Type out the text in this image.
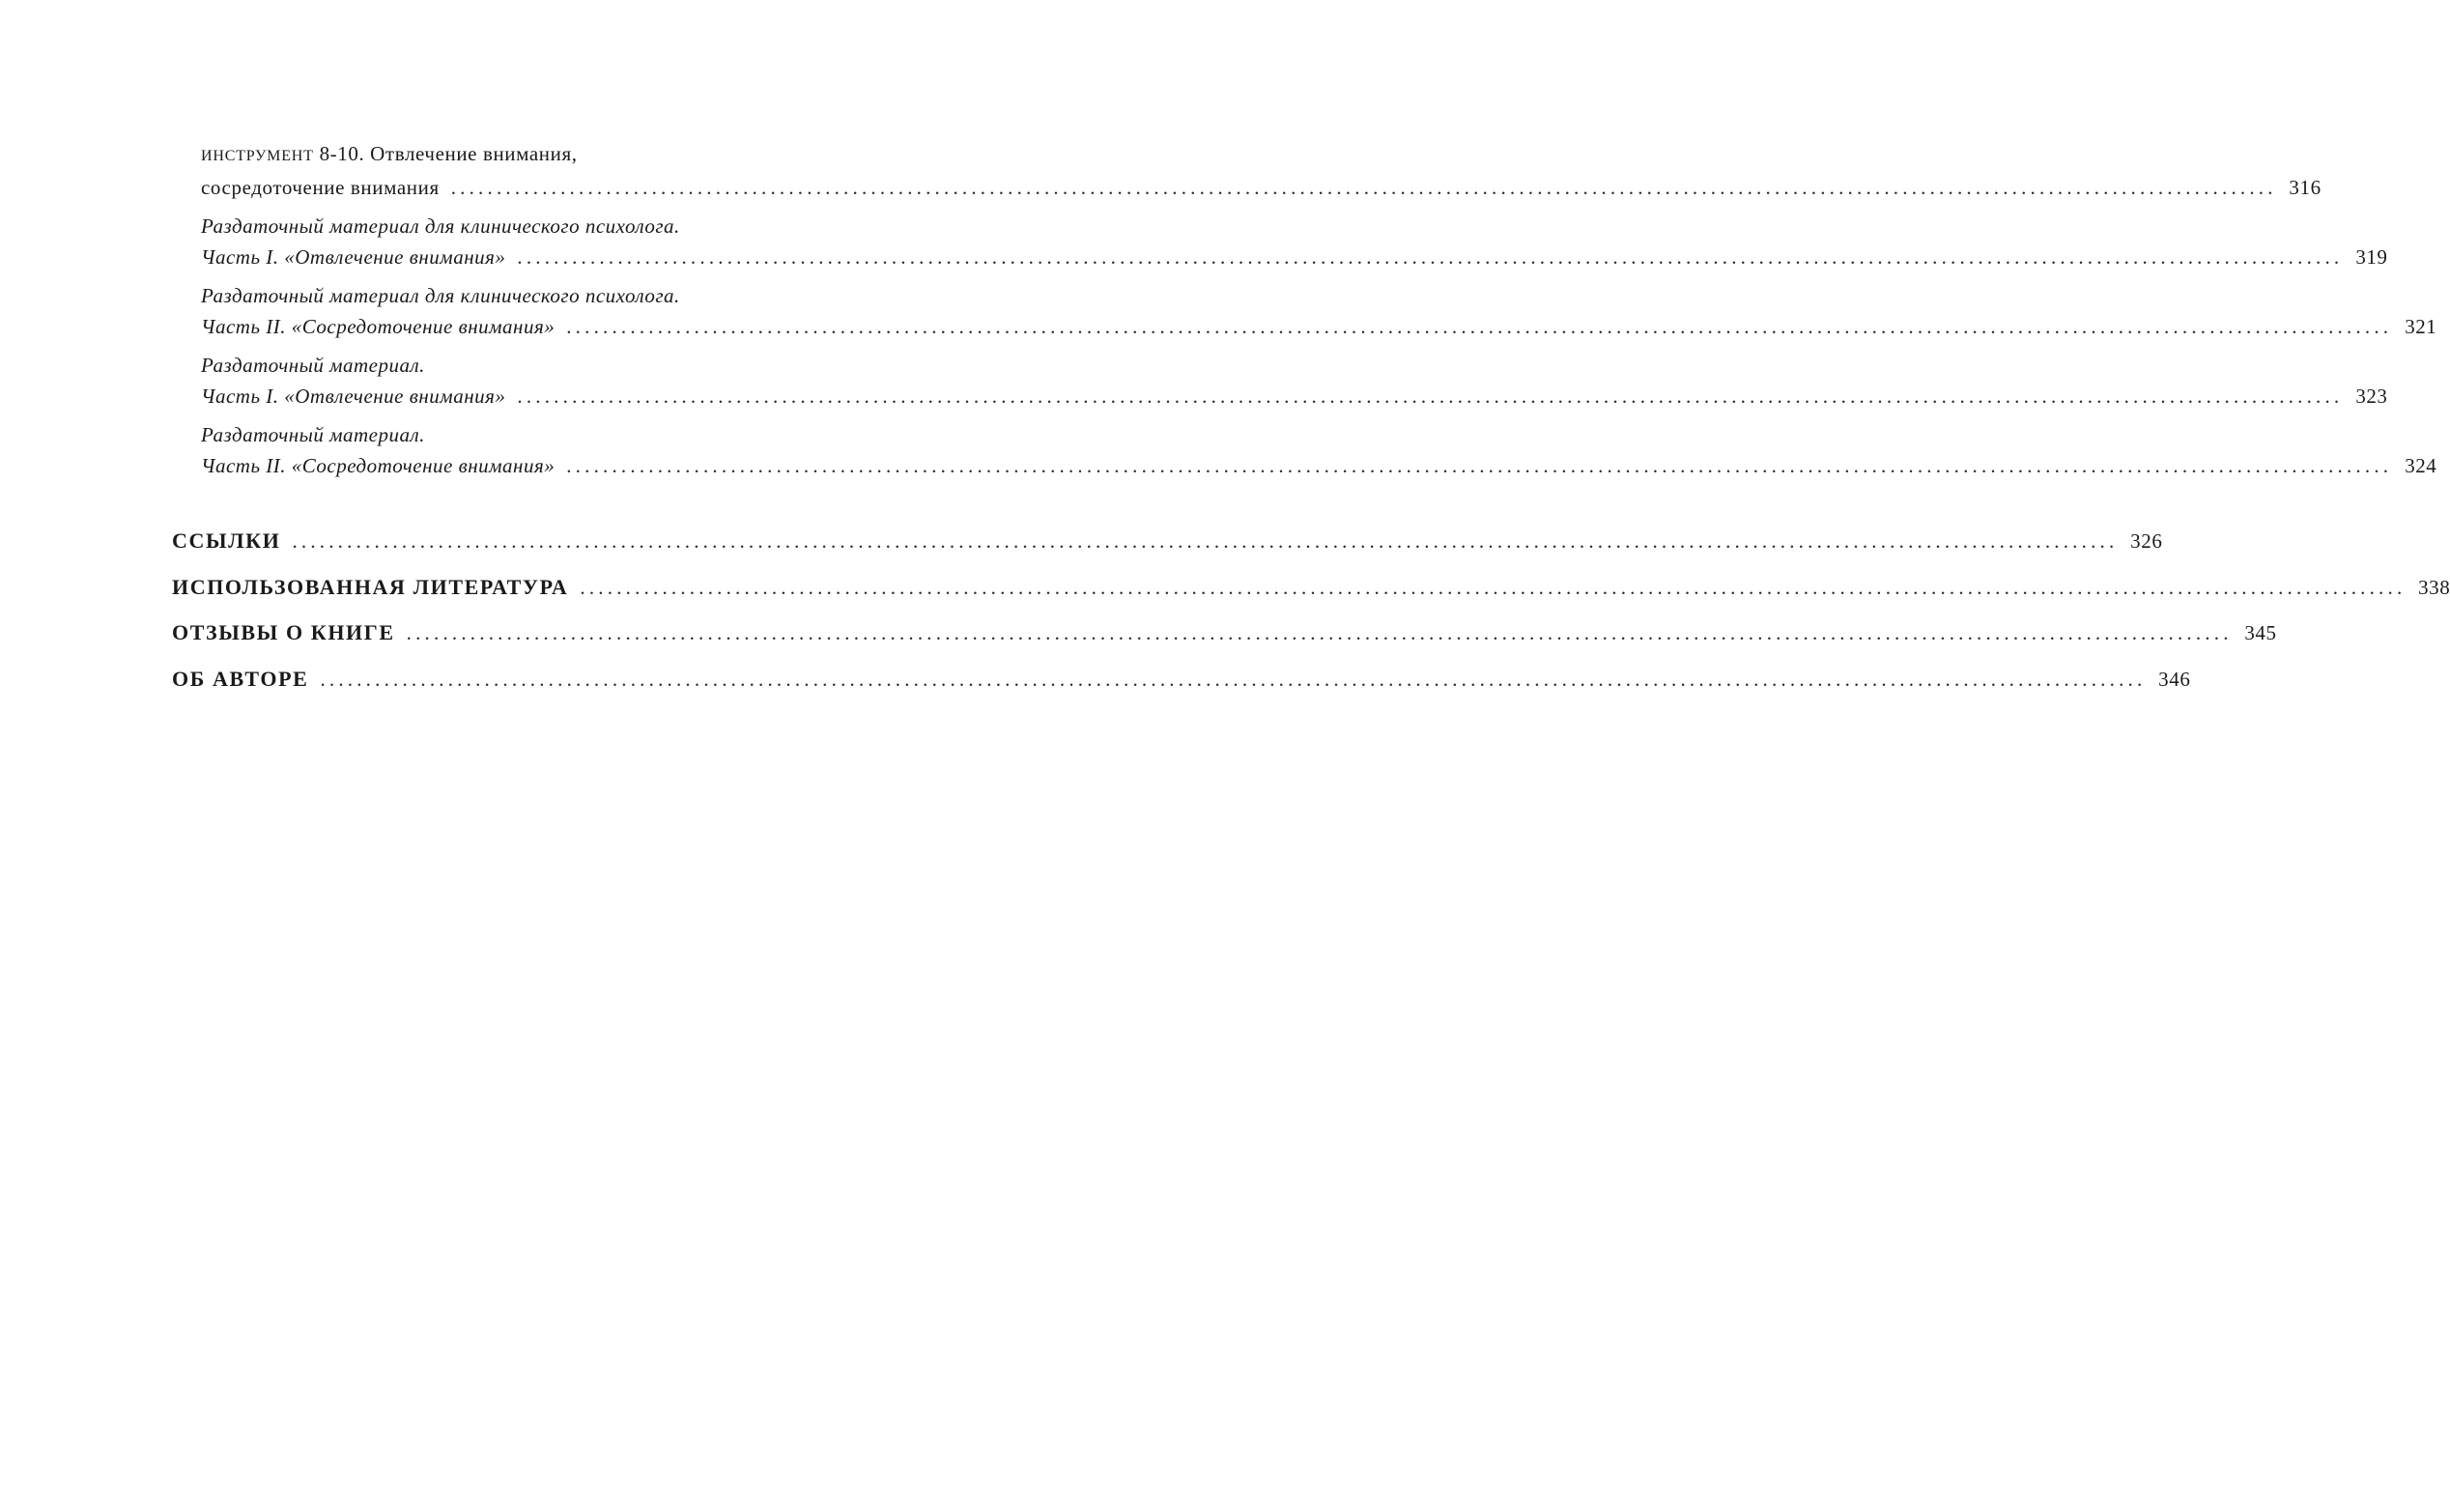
ИНСТРУМЕНТ 8-10. Отвлечение внимания,
сосредоточение внимания ........................................................................................................................................................................................................ 316
Раздаточный материал для клинического психолога.
Часть I. «Отвлечение внимания» ........................................................................................................................................................................................................ 319
Раздаточный материал для клинического психолога.
Часть II. «Сосредоточение внимания» ........................................................................................................................................................................................................ 321
Раздаточный материал.
Часть I. «Отвлечение внимания» ........................................................................................................................................................................................................ 323
Раздаточный материал.
Часть II. «Сосредоточение внимания» ........................................................................................................................................................................................................ 324
ССЫЛКИ ........................................................................................................................................................................................................ 326
ИСПОЛЬЗОВАННАЯ ЛИТЕРАТУРА ........................................................................................................................................................................................................ 338
ОТЗЫВЫ О КНИГЕ ........................................................................................................................................................................................................ 345
ОБ АВТОРЕ ........................................................................................................................................................................................................ 346
